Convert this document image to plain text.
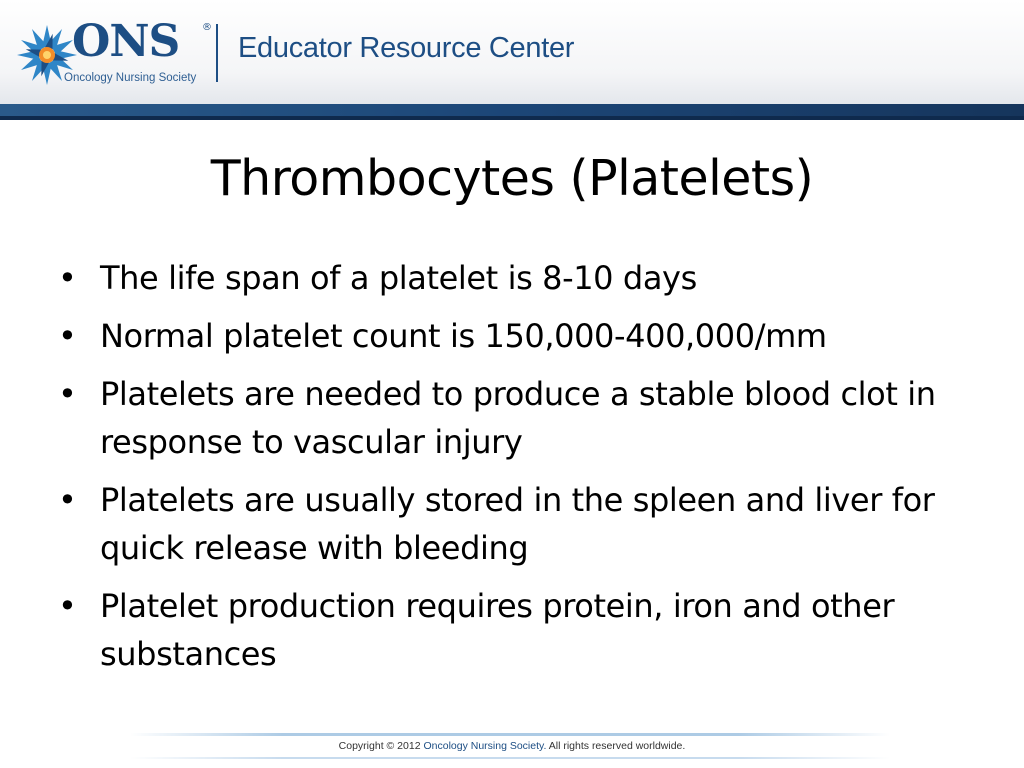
ONS ®
Oncology Nursing Society
Educator Resource Center
Thrombocytes (Platelets)
• The life span of a platelet is 8-10 days
• Normal platelet count is 150,000-400,000/mm
• Platelets are needed to produce a stable blood clot in response to vascular injury
• Platelets are usually stored in the spleen and liver for quick release with bleeding
• Platelet production requires protein, iron and other substances
Copyright © 2012 Oncology Nursing Society. All rights reserved worldwide.
